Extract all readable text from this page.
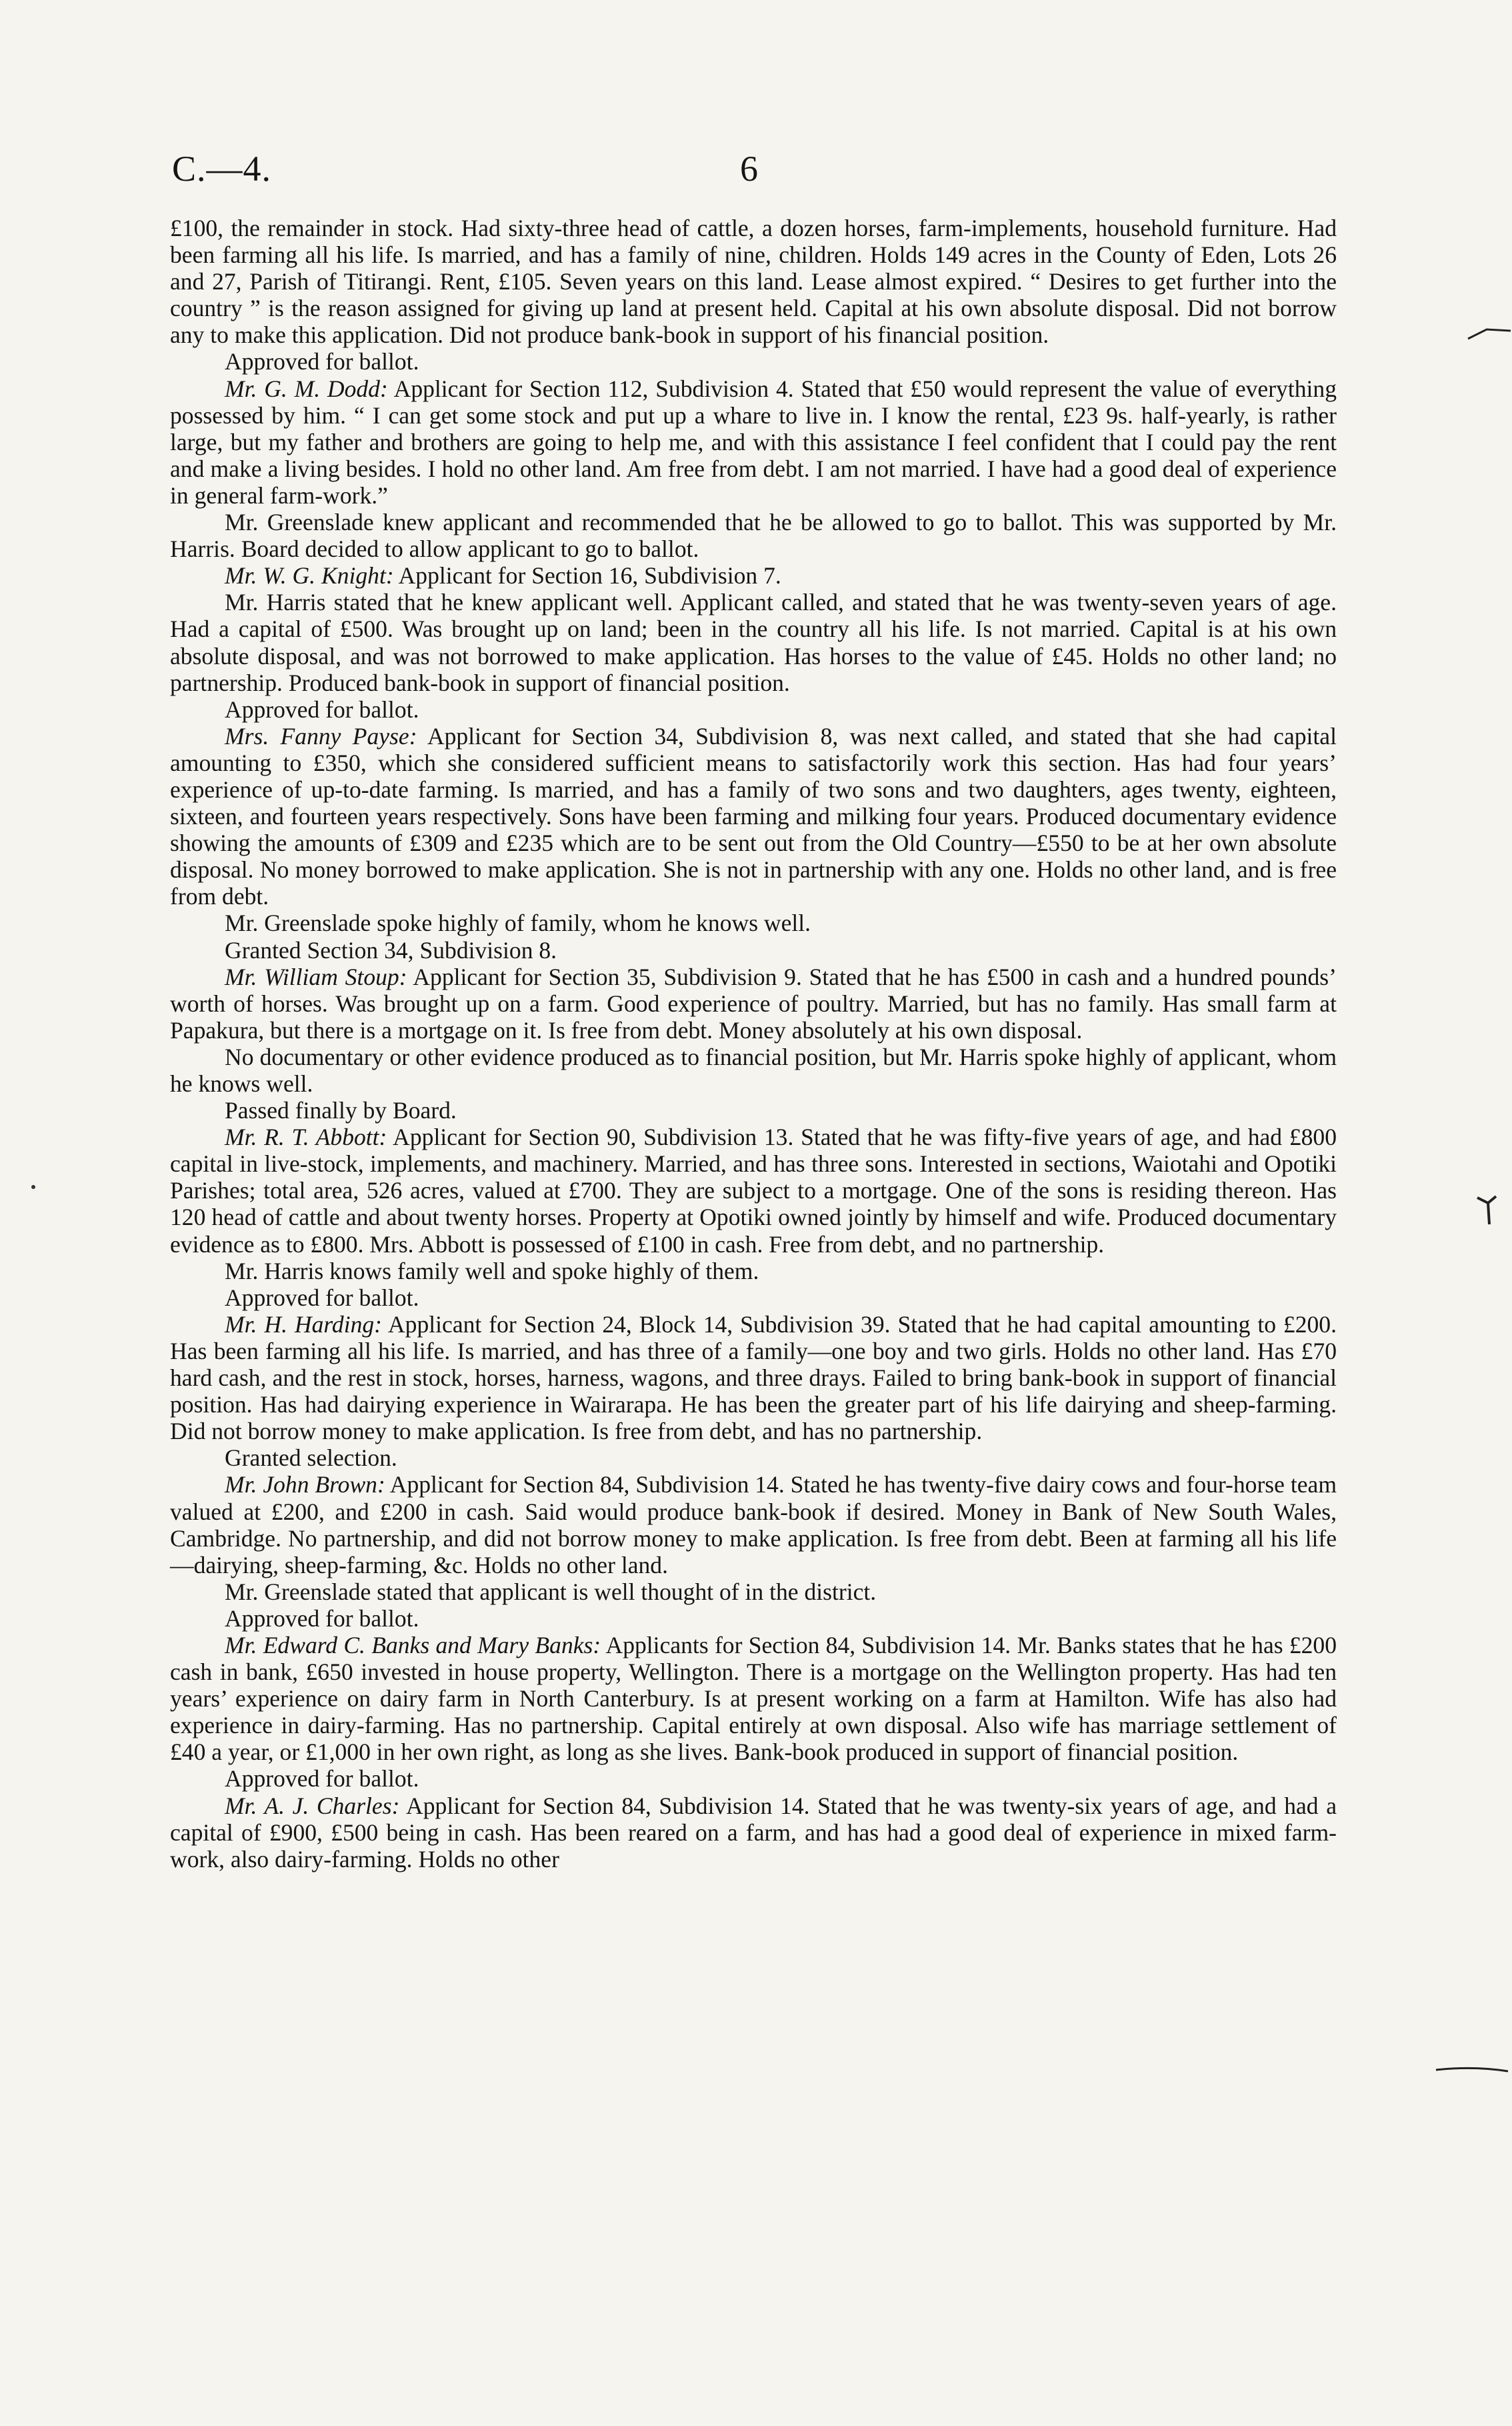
C.—4.	6

£100, the remainder in stock. Had sixty-three head of cattle, a dozen horses, farm-implements, household furniture. Had been farming all his life. Is married, and has a family of nine, children. Holds 149 acres in the County of Eden, Lots 26 and 27, Parish of Titirangi. Rent, £105. Seven years on this land. Lease almost expired. “ Desires to get further into the country ” is the reason assigned for giving up land at present held. Capital at his own absolute disposal. Did not borrow any to make this application. Did not produce bank-book in support of his financial position.

Approved for ballot.

Mr. G. M. Dodd: Applicant for Section 112, Subdivision 4. Stated that £50 would represent the value of everything possessed by him. “ I can get some stock and put up a whare to live in. I know the rental, £23 9s. half-yearly, is rather large, but my father and brothers are going to help me, and with this assistance I feel confident that I could pay the rent and make a living besides. I hold no other land. Am free from debt. I am not married. I have had a good deal of experience in general farm-work.”

Mr. Greenslade knew applicant and recommended that he be allowed to go to ballot. This was supported by Mr. Harris. Board decided to allow applicant to go to ballot.

Mr. W. G. Knight: Applicant for Section 16, Subdivision 7.

Mr. Harris stated that he knew applicant well. Applicant called, and stated that he was twenty-seven years of age. Had a capital of £500. Was brought up on land; been in the country all his life. Is not married. Capital is at his own absolute disposal, and was not borrowed to make application. Has horses to the value of £45. Holds no other land; no partnership. Produced bank-book in support of financial position.

Approved for ballot.

Mrs. Fanny Payse: Applicant for Section 34, Subdivision 8, was next called, and stated that she had capital amounting to £350, which she considered sufficient means to satisfactorily work this section. Has had four years’ experience of up-to-date farming. Is married, and has a family of two sons and two daughters, ages twenty, eighteen, sixteen, and fourteen years respectively. Sons have been farming and milking four years. Produced documentary evidence showing the amounts of £309 and £235 which are to be sent out from the Old Country—£550 to be at her own absolute disposal. No money borrowed to make application. She is not in partnership with any one. Holds no other land, and is free from debt.

Mr. Greenslade spoke highly of family, whom he knows well.

Granted Section 34, Subdivision 8.

Mr. William Stoup: Applicant for Section 35, Subdivision 9. Stated that he has £500 in cash and a hundred pounds’ worth of horses. Was brought up on a farm. Good experience of poultry. Married, but has no family. Has small farm at Papakura, but there is a mortgage on it. Is free from debt. Money absolutely at his own disposal.

No documentary or other evidence produced as to financial position, but Mr. Harris spoke highly of applicant, whom he knows well.

Passed finally by Board.

Mr. R. T. Abbott: Applicant for Section 90, Subdivision 13. Stated that he was fifty-five years of age, and had £800 capital in live-stock, implements, and machinery. Married, and has three sons. Interested in sections, Waiotahi and Opotiki Parishes; total area, 526 acres, valued at £700. They are subject to a mortgage. One of the sons is residing thereon. Has 120 head of cattle and about twenty horses. Property at Opotiki owned jointly by himself and wife. Produced documentary evidence as to £800. Mrs. Abbott is possessed of £100 in cash. Free from debt, and no partnership.

Mr. Harris knows family well and spoke highly of them.

Approved for ballot.

Mr. H. Harding: Applicant for Section 24, Block 14, Subdivision 39. Stated that he had capital amounting to £200. Has been farming all his life. Is married, and has three of a family—one boy and two girls. Holds no other land. Has £70 hard cash, and the rest in stock, horses, harness, wagons, and three drays. Failed to bring bank-book in support of financial position. Has had dairying experience in Wairarapa. He has been the greater part of his life dairying and sheep-farming. Did not borrow money to make application. Is free from debt, and has no partnership.

Granted selection.

Mr. John Brown: Applicant for Section 84, Subdivision 14. Stated he has twenty-five dairy cows and four-horse team valued at £200, and £200 in cash. Said would produce bank-book if desired. Money in Bank of New South Wales, Cambridge. No partnership, and did not borrow money to make application. Is free from debt. Been at farming all his life—dairying, sheep-farming, &c. Holds no other land.

Mr. Greenslade stated that applicant is well thought of in the district.

Approved for ballot.

Mr. Edward C. Banks and Mary Banks: Applicants for Section 84, Subdivision 14. Mr. Banks states that he has £200 cash in bank, £650 invested in house property, Wellington. There is a mortgage on the Wellington property. Has had ten years’ experience on dairy farm in North Canterbury. Is at present working on a farm at Hamilton. Wife has also had experience in dairy-farming. Has no partnership. Capital entirely at own disposal. Also wife has marriage settlement of £40 a year, or £1,000 in her own right, as long as she lives. Bank-book produced in support of financial position.

Approved for ballot.

Mr. A. J. Charles: Applicant for Section 84, Subdivision 14. Stated that he was twenty-six years of age, and had a capital of £900, £500 being in cash. Has been reared on a farm, and has had a good deal of experience in mixed farm-work, also dairy-farming. Holds no other
